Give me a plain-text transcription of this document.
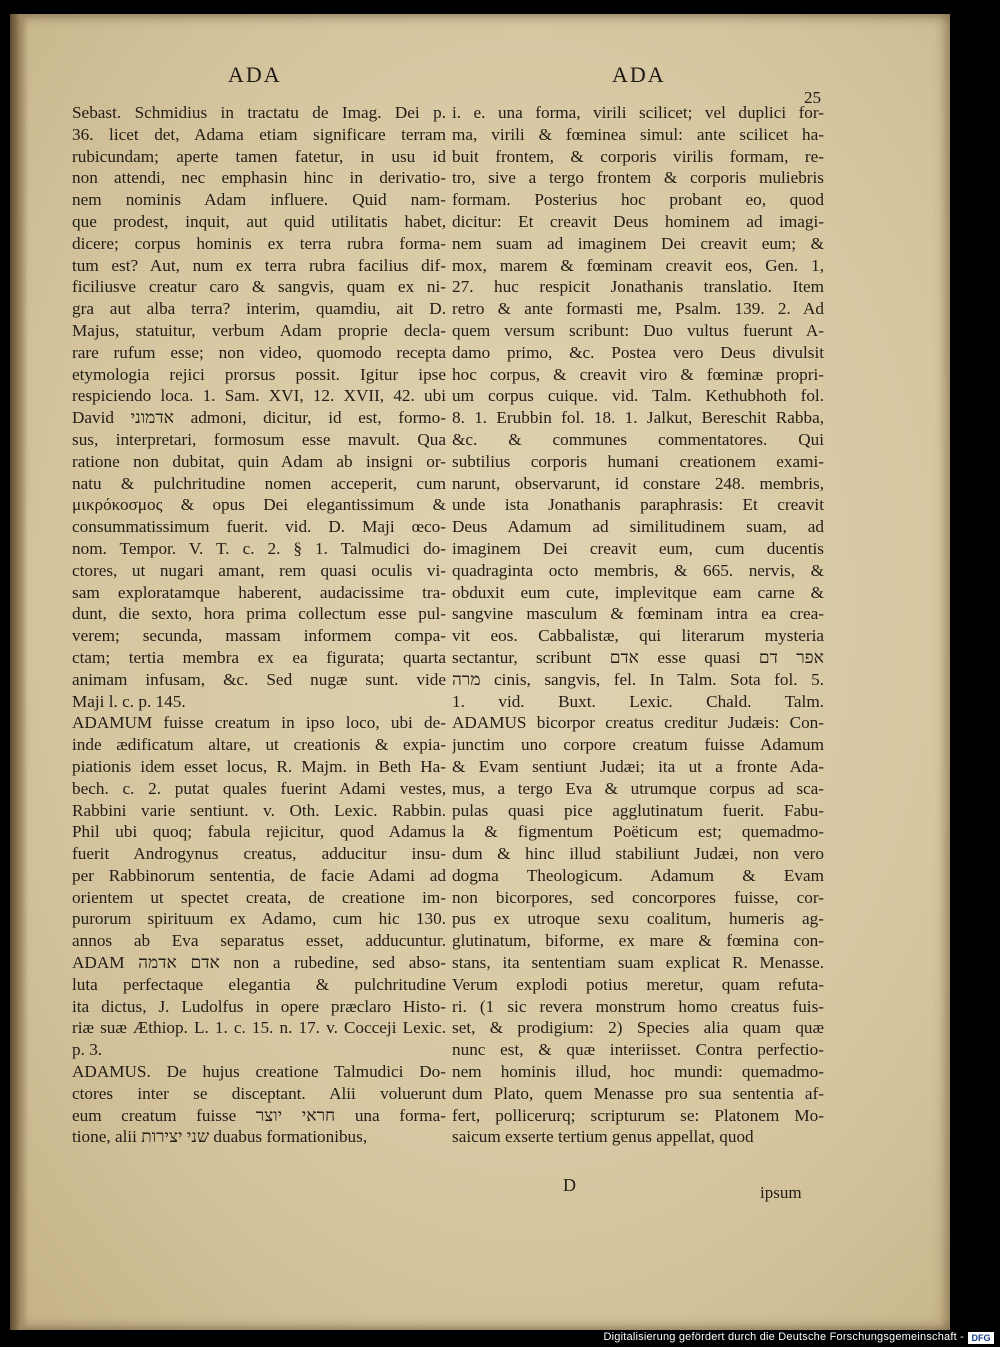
ADA	ADA
25
Sebast. Schmidius in tractatu de Imag. Dei p.
36. licet det, Adama etiam significare terram
rubicundam; aperte tamen fatetur, in usu id
non attendi, nec emphasin hinc in derivatio-
nem nominis Adam influere. Quid nam-
que prodest, inquit, aut quid utilitatis habet,
dicere; corpus hominis ex terra rubra forma-
tum est? Aut, num ex terra rubra facilius dif-
ficiliusve creatur caro & sangvis, quam ex ni-
gra aut alba terra? interim, quamdiu, ait D.
Majus, statuitur, verbum Adam proprie decla-
rare rufum esse; non video, quomodo recepta
etymologia rejici prorsus possit. Igitur ipse
respiciendo loca. 1. Sam. XVI, 12. XVII, 42. ubi
David אדמוני admoni, dicitur, id est, formo-
sus, interpretari, formosum esse mavult. Qua
ratione non dubitat, quin Adam ab insigni or-
natu & pulchritudine nomen acceperit, cum
μικρόκοσμος & opus Dei elegantissimum &
consummatissimum fuerit. vid. D. Maji œco-
nom. Tempor. V. T. c. 2. § 1. Talmudici do-
ctores, ut nugari amant, rem quasi oculis vi-
sam exploratamque haberent, audacissime tra-
dunt, die sexto, hora prima collectum esse pul-
verem; secunda, massam informem compa-
ctam; tertia membra ex ea figurata; quarta
animam infusam, &c. Sed nugæ sunt. vide
Maji l. c. p. 145.
ADAMUM fuisse creatum in ipso loco, ubi de-
inde ædificatum altare, ut creationis & expia-
piationis idem esset locus, R. Majm. in Beth Ha-
bech. c. 2. putat quales fuerint Adami vestes,
Rabbini varie sentiunt. v. Oth. Lexic. Rabbin.
Phil ubi quoq; fabula rejicitur, quod Adamus
fuerit Androgynus creatus, adducitur insu-
per Rabbinorum sententia, de facie Adami ad
orientem ut spectet creata, de creatione im-
purorum spirituum ex Adamo, cum hic 130.
annos ab Eva separatus esset, adducuntur.
ADAM אדם אדמה non a rubedine, sed abso-
luta perfectaque elegantia & pulchritudine
ita dictus, J. Ludolfus in opere præclaro Histo-
riæ suæ Æthiop. L. 1. c. 15. n. 17. v. Cocceji Lexic.
p. 3.
ADAMUS. De hujus creatione Talmudici Do-
ctores inter se disceptant. Alii voluerunt
eum creatum fuisse חראי יוצר una forma-
tione, alii שני יצירות duabus formationibus,
i. e. una forma, virili scilicet; vel duplici for-
ma, virili & fœminea simul: ante scilicet ha-
buit frontem, & corporis virilis formam, re-
tro, sive a tergo frontem & corporis muliebris
formam. Posterius hoc probant eo, quod
dicitur: Et creavit Deus hominem ad imagi-
nem suam ad imaginem Dei creavit eum; &
mox, marem & fœminam creavit eos, Gen. 1,
27. huc respicit Jonathanis translatio. Item
retro & ante formasti me, Psalm. 139. 2. Ad
quem versum scribunt: Duo vultus fuerunt A-
damo primo, &c. Postea vero Deus divulsit
hoc corpus, & creavit viro & fœminæ propri-
um corpus cuique. vid. Talm. Kethubhoth fol.
8. 1. Erubbin fol. 18. 1. Jalkut, Bereschit Rabba,
&c. & communes commentatores. Qui
subtilius corporis humani creationem exami-
narunt, observarunt, id constare 248. membris,
unde ista Jonathanis paraphrasis: Et creavit
Deus Adamum ad similitudinem suam, ad
imaginem Dei creavit eum, cum ducentis
quadraginta octo membris, & 665. nervis, &
obduxit eum cute, implevitque eam carne &
sangvine masculum & fœminam intra ea crea-
vit eos. Cabbalistæ, qui literarum mysteria
sectantur, scribunt אדם esse quasi אפר דם
מרה cinis, sangvis, fel. In Talm. Sota fol. 5.
1. vid. Buxt. Lexic. Chald. Talm.
ADAMUS bicorpor creatus creditur Judæis: Con-
junctim uno corpore creatum fuisse Adamum
& Evam sentiunt Judæi; ita ut a fronte Ada-
mus, a tergo Eva & utrumque corpus ad sca-
pulas quasi pice agglutinatum fuerit. Fabu-
la & figmentum Poëticum est; quemadmo-
dum & hinc illud stabiliunt Judæi, non vero
dogma Theologicum. Adamum & Evam
non bicorpores, sed concorpores fuisse, cor-
pus ex utroque sexu coalitum, humeris ag-
glutinatum, biforme, ex mare & fœmina con-
stans, ita sententiam suam explicat R. Menasse.
Verum explodi potius meretur, quam refuta-
ri. (1 sic revera monstrum homo creatus fuis-
set, & prodigium: 2) Species alia quam quæ
nunc est, & quæ interiisset. Contra perfectio-
nem hominis illud, hoc mundi: quemadmo-
dum Plato, quem Menasse pro sua sententia af-
fert, pollicerurq; scripturum se: Platonem Mo-
saicum exserte tertium genus appellat, quod
D	ipsum
Digitalisierung gefördert durch die Deutsche Forschungsgemeinschaft - DFG
